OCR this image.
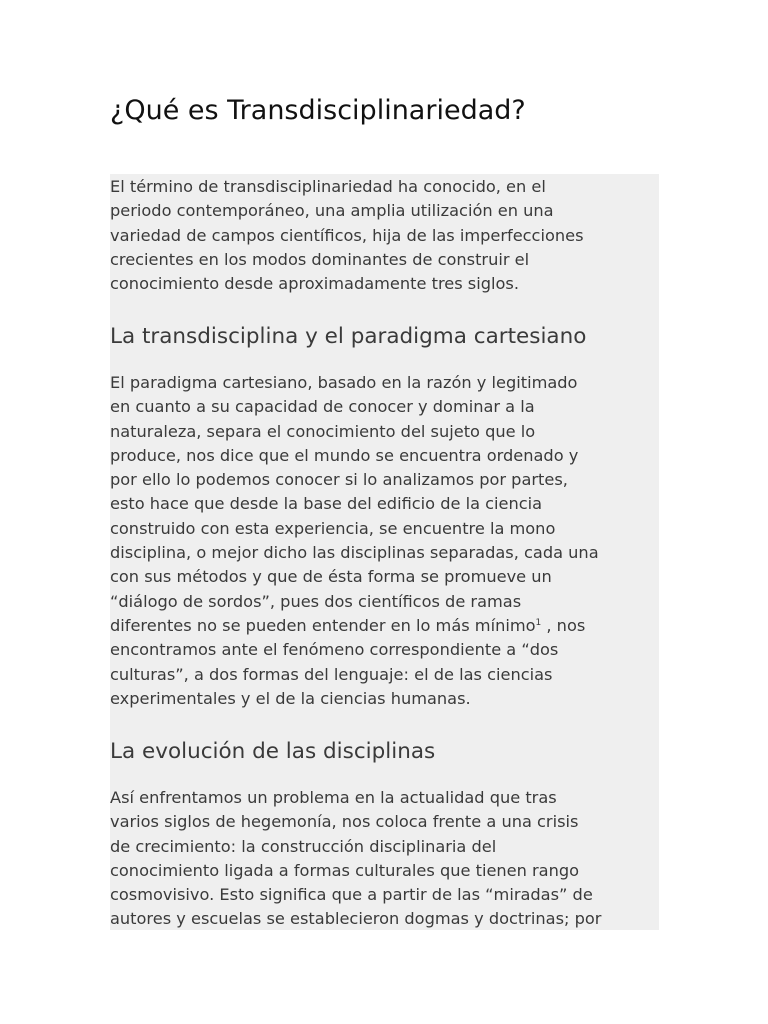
¿Qué es Transdisciplinariedad?

El término de transdisciplinariedad ha conocido, en el
periodo contemporáneo, una amplia utilización en una
variedad de campos científicos, hija de las imperfecciones
crecientes en los modos dominantes de construir el
conocimiento desde aproximadamente tres siglos.

La transdisciplina y el paradigma cartesiano

El paradigma cartesiano, basado en la razón y legitimado
en cuanto a su capacidad de conocer y dominar a la
naturaleza, separa el conocimiento del sujeto que lo
produce, nos dice que el mundo se encuentra ordenado y
por ello lo podemos conocer si lo analizamos por partes,
esto hace que desde la base del edificio de la ciencia
construido con esta experiencia, se encuentre la mono
disciplina, o mejor dicho las disciplinas separadas, cada una
con sus métodos y que de ésta forma se promueve un
“diálogo de sordos”, pues dos científicos de ramas
diferentes no se pueden entender en lo más mínimo$^1$ , nos
encontramos ante el fenómeno correspondiente a “dos
culturas”, a dos formas del lenguaje: el de las ciencias
experimentales y el de la ciencias humanas.

La evolución de las disciplinas

Así enfrentamos un problema en la actualidad que tras
varios siglos de hegemonía, nos coloca frente a una crisis
de crecimiento: la construcción disciplinaria del
conocimiento ligada a formas culturales que tienen rango
cosmovisivo. Esto significa que a partir de las “miradas” de
autores y escuelas se establecieron dogmas y doctrinas; por
